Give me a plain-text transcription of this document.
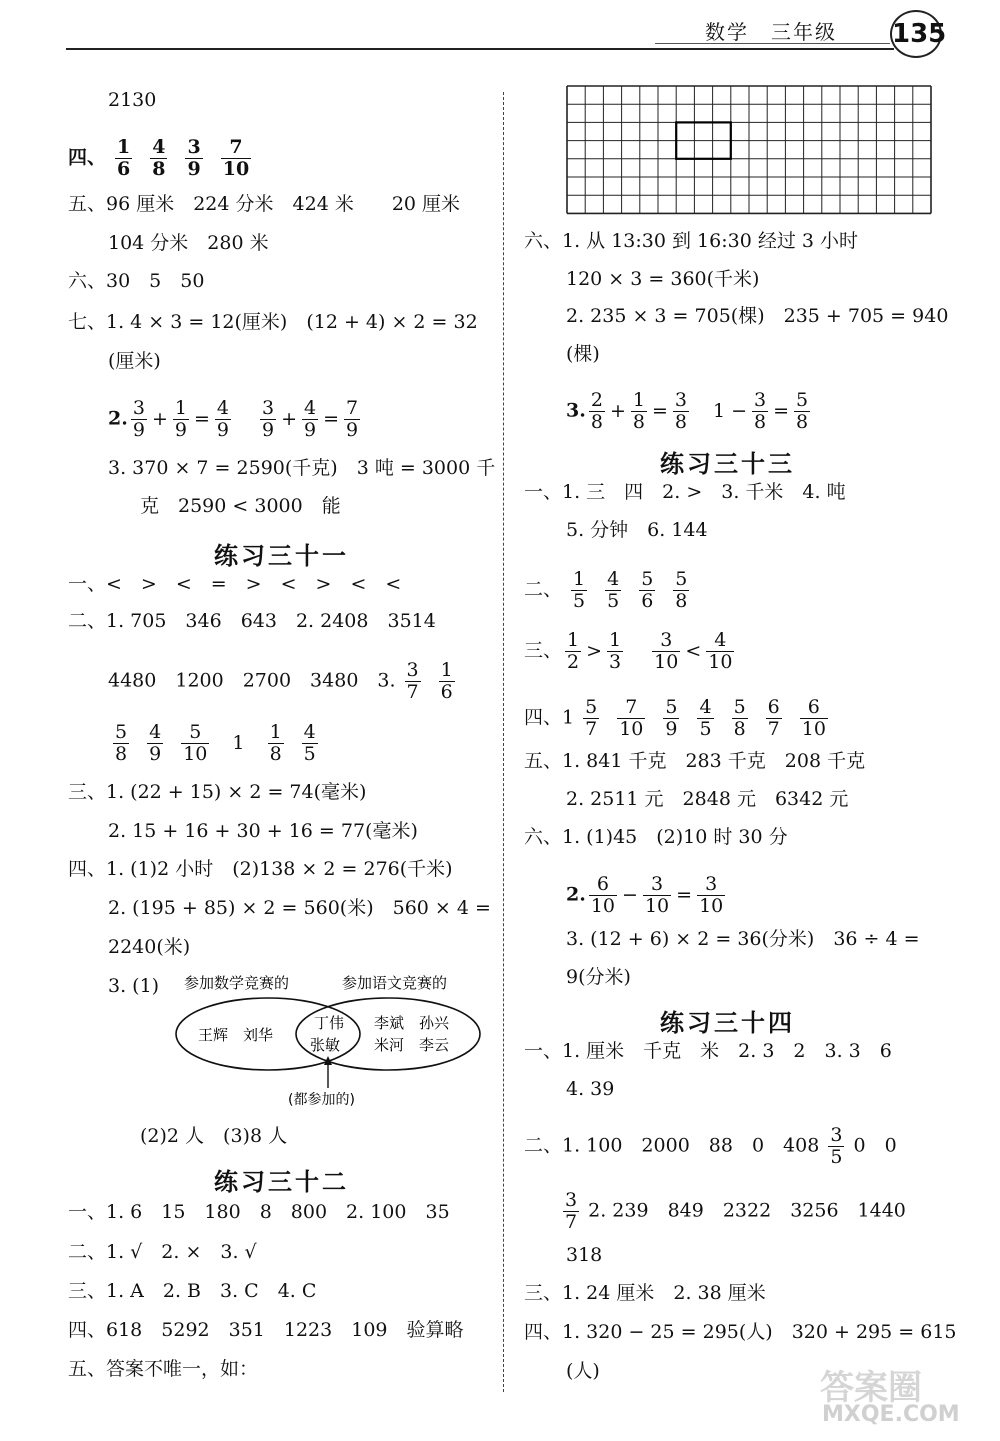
数学　三年级 135
2130
四、 $\frac{1}{6} \frac{4}{8} \frac{3}{9} \frac{7}{10}$
五、96 厘米　224 分米　424 米　　20 厘米
104 分米　280 米
六、30　5　50
七、1. 4 × 3 = 12(厘米)　(12 + 4) × 2 = 32
(厘米)
2. $\frac{3}{9} + \frac{1}{9} = \frac{4}{9}$
　 $\frac{3}{9} + \frac{4}{9} = \frac{7}{9}$
3. 370 × 7 = 2590(千克)　3 吨 = 3000 千
克　2590 < 3000　能
练习三十一
一、<　>　<　=　>　<　>　<　<
二、1. 705　346　643　2. 2408　3514
4480　1200　2700　3480　3. $\frac{3}{7} \frac{1}{6}$
$\frac{5}{8} \frac{4}{9} \frac{5}{10} 1 \frac{1}{8} \frac{4}{5}$
三、1. (22 + 15) × 2 = 74(毫米)
2. 15 + 16 + 30 + 16 = 77(毫米)
四、1. (1)2 小时　(2)138 × 2 = 276(千米)
2. (195 + 85) × 2 = 560(米)　560 × 4 =
2240(米)
3. (1) 参加数学竞赛的	参加语文竞赛的
王辉　刘华
丁伟
张敏
李斌　孙兴
米河　李云
(都参加的)
(2)2 人　(3)8 人
练习三十二
一、1. 6　15　180　8　800　2. 100　35
二、1. √　2. ×　3. √
三、1. A　2. B　3. C　4. C
四、618　5292　351　1223　109　验算略
五、答案不唯一，如：
六、1. 从 13:30 到 16:30 经过 3 小时
120 × 3 = 360(千米)
2. 235 × 3 = 705(棵)　235 + 705 = 940
(棵)
3. $\frac{2}{8} + \frac{1}{8} = \frac{3}{8}$ 　$1 - \frac{3}{8} = \frac{5}{8}$
练习三十三
一、1. 三　四　2. >　3. 千米　4. 吨
5. 分钟　6. 144
二、 $\frac{1}{5} \frac{4}{5} \frac{5}{6} \frac{5}{8}$
三、 $\frac{1}{2} > \frac{1}{3}$
　 $\frac{3}{10} < \frac{4}{10}$
四、$1 \frac{5}{7} \frac{7}{10} \frac{5}{9} \frac{4}{5} \frac{5}{8} \frac{6}{7} \frac{6}{10}$
五、1. 841 千克　283 千克　208 千克
2. 2511 元　2848 元　6342 元
六、1. (1)45　(2)10 时 30 分
2. $\frac{6}{10} - \frac{3}{10} = \frac{3}{10}$
3. (12 + 6) × 2 = 36(分米)　36 ÷ 4 =
9(分米)
练习三十四
一、1. 厘米　千克　米　2. 3　2　3. 3　6
4. 39
二、1. 100　2000　88　0　$408 \frac{3}{5} 0$　0
$\frac{3}{7} 2$. 239　849　2322　3256　1440
318
三、1. 24 厘米　2. 38 厘米
四、1. 320 − 25 = 295(人)　320 + 295 = 615
(人)	答案圈
MXQE.COM
